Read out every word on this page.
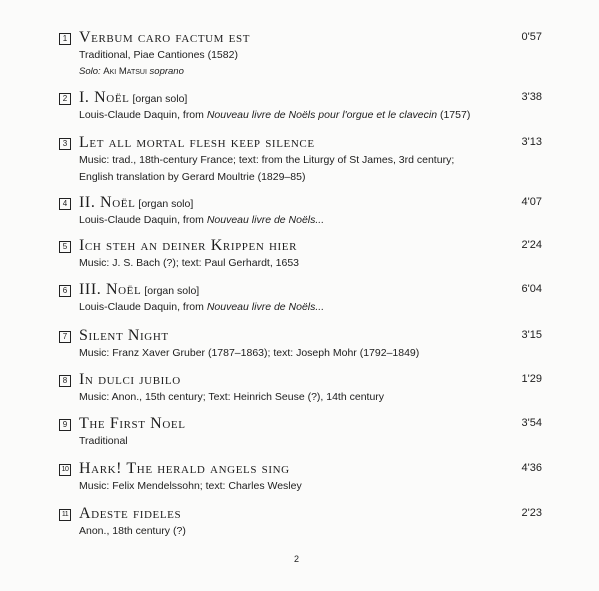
1 Verbum caro factum est	0'57
Traditional, Piae Cantiones (1582)
Solo: Aki Matsui soprano
2 I. Noël [organ solo]	3'38
Louis-Claude Daquin, from Nouveau livre de Noëls pour l'orgue et le clavecin (1757)
3 Let all mortal flesh keep silence	3'13
Music: trad., 18th-century France; text: from the Liturgy of St James, 3rd century;
English translation by Gerard Moultrie (1829–85)
4 II. Noël [organ solo]	4'07
Louis-Claude Daquin, from Nouveau livre de Noëls...
5 Ich steh an deiner Krippen hier	2'24
Music: J. S. Bach (?); text: Paul Gerhardt, 1653
6 III. Noël [organ solo]	6'04
Louis-Claude Daquin, from Nouveau livre de Noëls...
7 Silent Night	3'15
Music: Franz Xaver Gruber (1787–1863); text: Joseph Mohr (1792–1849)
8 In dulci jubilo	1'29
Music: Anon., 15th century; Text: Heinrich Seuse (?), 14th century
9 The First Noel	3'54
Traditional
10 Hark! The herald angels sing	4'36
Music: Felix Mendelssohn; text: Charles Wesley
11 Adeste fideles	2'23
Anon., 18th century (?)
2
